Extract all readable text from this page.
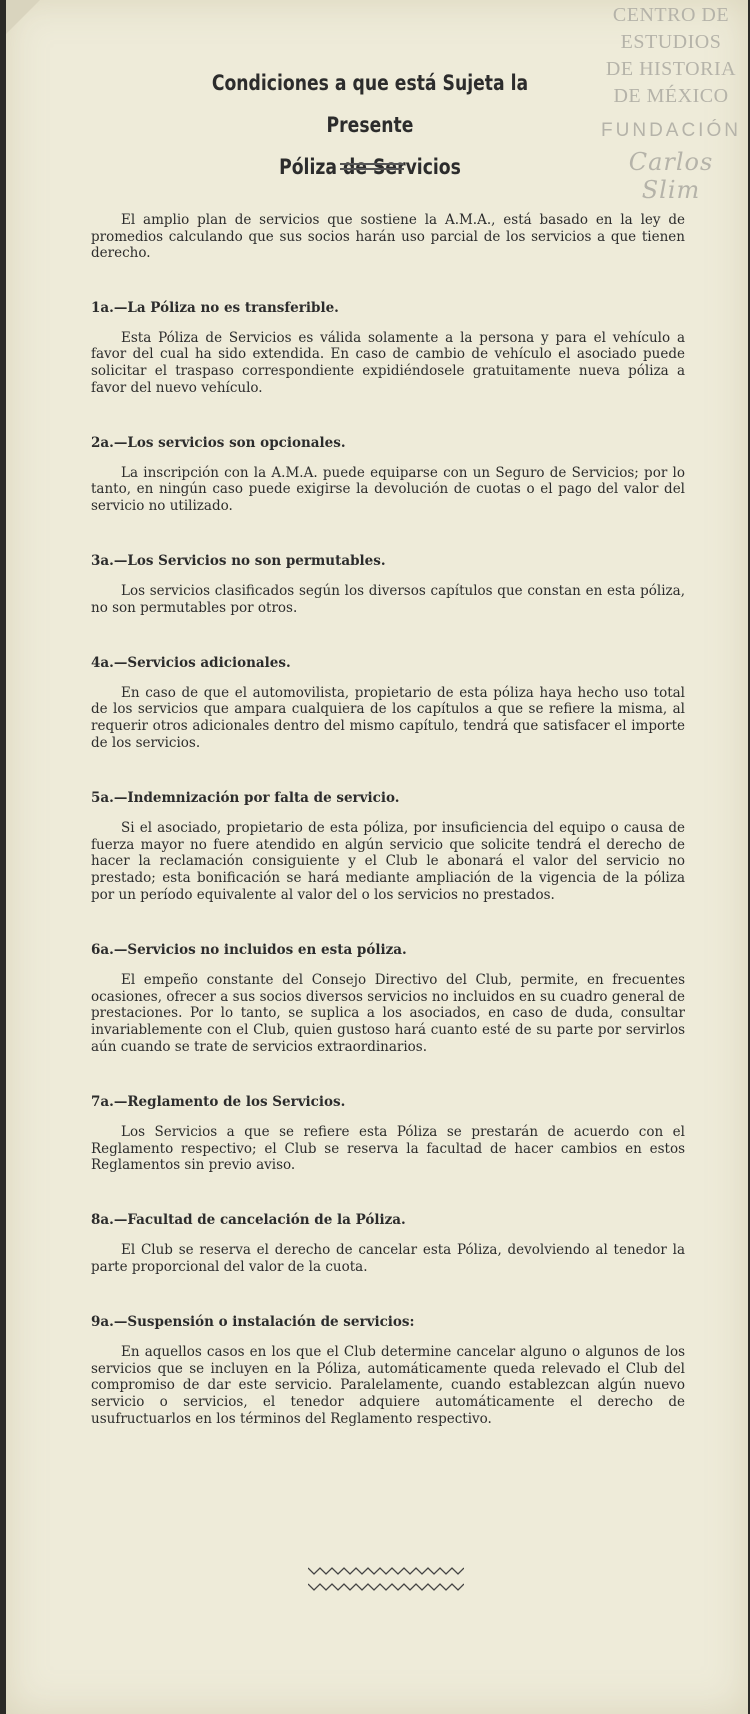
CENTRO DE
ESTUDIOS
DE HISTORIA
DE MÉXICO
FUNDACIÓN
Carlos Slim
Condiciones a que está Sujeta la Presente
Póliza de Servicios

El amplio plan de servicios que sostiene la A.M.A., está basado en la ley de promedios calculando que sus socios harán uso parcial de los servicios a que tienen derecho.

1a.—La Póliza no es transferible.

Esta Póliza de Servicios es válida solamente a la persona y para el vehículo a favor del cual ha sido extendida. En caso de cambio de vehículo el asociado puede solicitar el traspaso correspondiente expidiéndosele gratuitamente nueva póliza a favor del nuevo vehículo.

2a.—Los servicios son opcionales.

La inscripción con la A.M.A. puede equiparse con un Seguro de Servicios; por lo tanto, en ningún caso puede exigirse la devolución de cuotas o el pago del valor del servicio no utilizado.

3a.—Los Servicios no son permutables.

Los servicios clasificados según los diversos capítulos que constan en esta póliza, no son permutables por otros.

4a.—Servicios adicionales.

En caso de que el automovilista, propietario de esta póliza haya hecho uso total de los servicios que ampara cualquiera de los capítulos a que se refiere la misma, al requerir otros adicionales dentro del mismo capítulo, tendrá que satisfacer el importe de los servicios.

5a.—Indemnización por falta de servicio.

Si el asociado, propietario de esta póliza, por insuficiencia del equipo o causa de fuerza mayor no fuere atendido en algún servicio que solicite tendrá el derecho de hacer la reclamación consiguiente y el Club le abonará el valor del servicio no prestado; esta bonificación se hará mediante ampliación de la vigencia de la póliza por un período equivalente al valor del o los servicios no prestados.

6a.—Servicios no incluidos en esta póliza.

El empeño constante del Consejo Directivo del Club, permite, en frecuentes ocasiones, ofrecer a sus socios diversos servicios no incluidos en su cuadro general de prestaciones. Por lo tanto, se suplica a los asociados, en caso de duda, consultar invariablemente con el Club, quien gustoso hará cuanto esté de su parte por servirlos aún cuando se trate de servicios extraordinarios.

7a.—Reglamento de los Servicios.

Los Servicios a que se refiere esta Póliza se prestarán de acuerdo con el Reglamento respectivo; el Club se reserva la facultad de hacer cambios en estos Reglamentos sin previo aviso.

8a.—Facultad de cancelación de la Póliza.

El Club se reserva el derecho de cancelar esta Póliza, devolviendo al tenedor la parte proporcional del valor de la cuota.

9a.—Suspensión o instalación de servicios:

En aquellos casos en los que el Club determine cancelar alguno o algunos de los servicios que se incluyen en la Póliza, automáticamente queda relevado el Club del compromiso de dar este servicio. Paralelamente, cuando establezcan algún nuevo servicio o servicios, el tenedor adquiere automáticamente el derecho de usufructuarlos en los términos del Reglamento respectivo.
